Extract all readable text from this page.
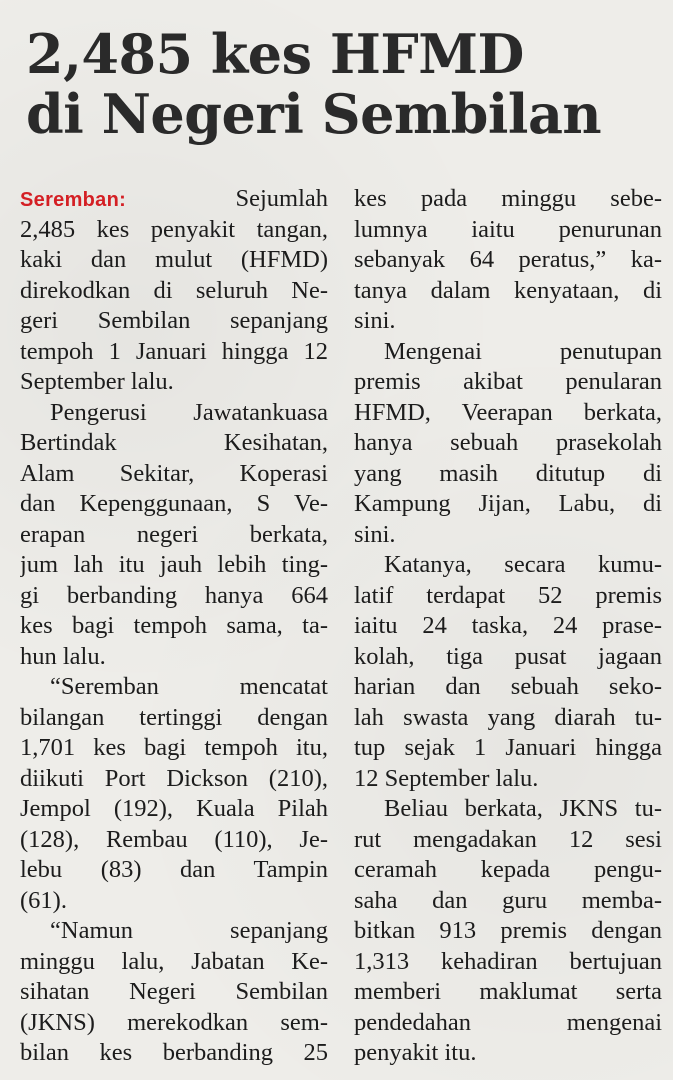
2,485 kes HFMD
di Negeri Sembilan
Seremban:	Sejumlah
2,485 kes penyakit tangan,
kaki dan mulut (HFMD)
direkodkan di seluruh Ne-
geri Sembilan sepanjang
tempoh 1 Januari hingga 12
September lalu.
Pengerusi Jawatankuasa
Bertindak Kesihatan,
Alam Sekitar, Koperasi
dan Kepenggunaan, S Ve-
erapan negeri berkata,
jum lah itu jauh lebih ting-
gi berbanding hanya 664
kes bagi tempoh sama, ta-
hun lalu.
“Seremban mencatat
bilangan tertinggi dengan
1,701 kes bagi tempoh itu,
diikuti Port Dickson (210),
Jempol (192), Kuala Pilah
(128), Rembau (110), Je-
lebu (83) dan Tampin
(61).
“Namun sepanjang
minggu lalu, Jabatan Ke-
sihatan Negeri Sembilan
(JKNS) merekodkan sem-
bilan kes berbanding 25
kes pada minggu sebe-
lumnya iaitu penurunan
sebanyak 64 peratus,” ka-
tanya dalam kenyataan, di
sini.
Mengenai penutupan
premis akibat penularan
HFMD, Veerapan berkata,
hanya sebuah prasekolah
yang masih ditutup di
Kampung Jijan, Labu, di
sini.
Katanya, secara kumu-
latif terdapat 52 premis
iaitu 24 taska, 24 prase-
kolah, tiga pusat jagaan
harian dan sebuah seko-
lah swasta yang diarah tu-
tup sejak 1 Januari hingga
12 September lalu.
Beliau berkata, JKNS tu-
rut mengadakan 12 sesi
ceramah kepada pengu-
saha dan guru memba-
bitkan 913 premis dengan
1,313 kehadiran bertujuan
memberi maklumat serta
pendedahan mengenai
penyakit itu.
